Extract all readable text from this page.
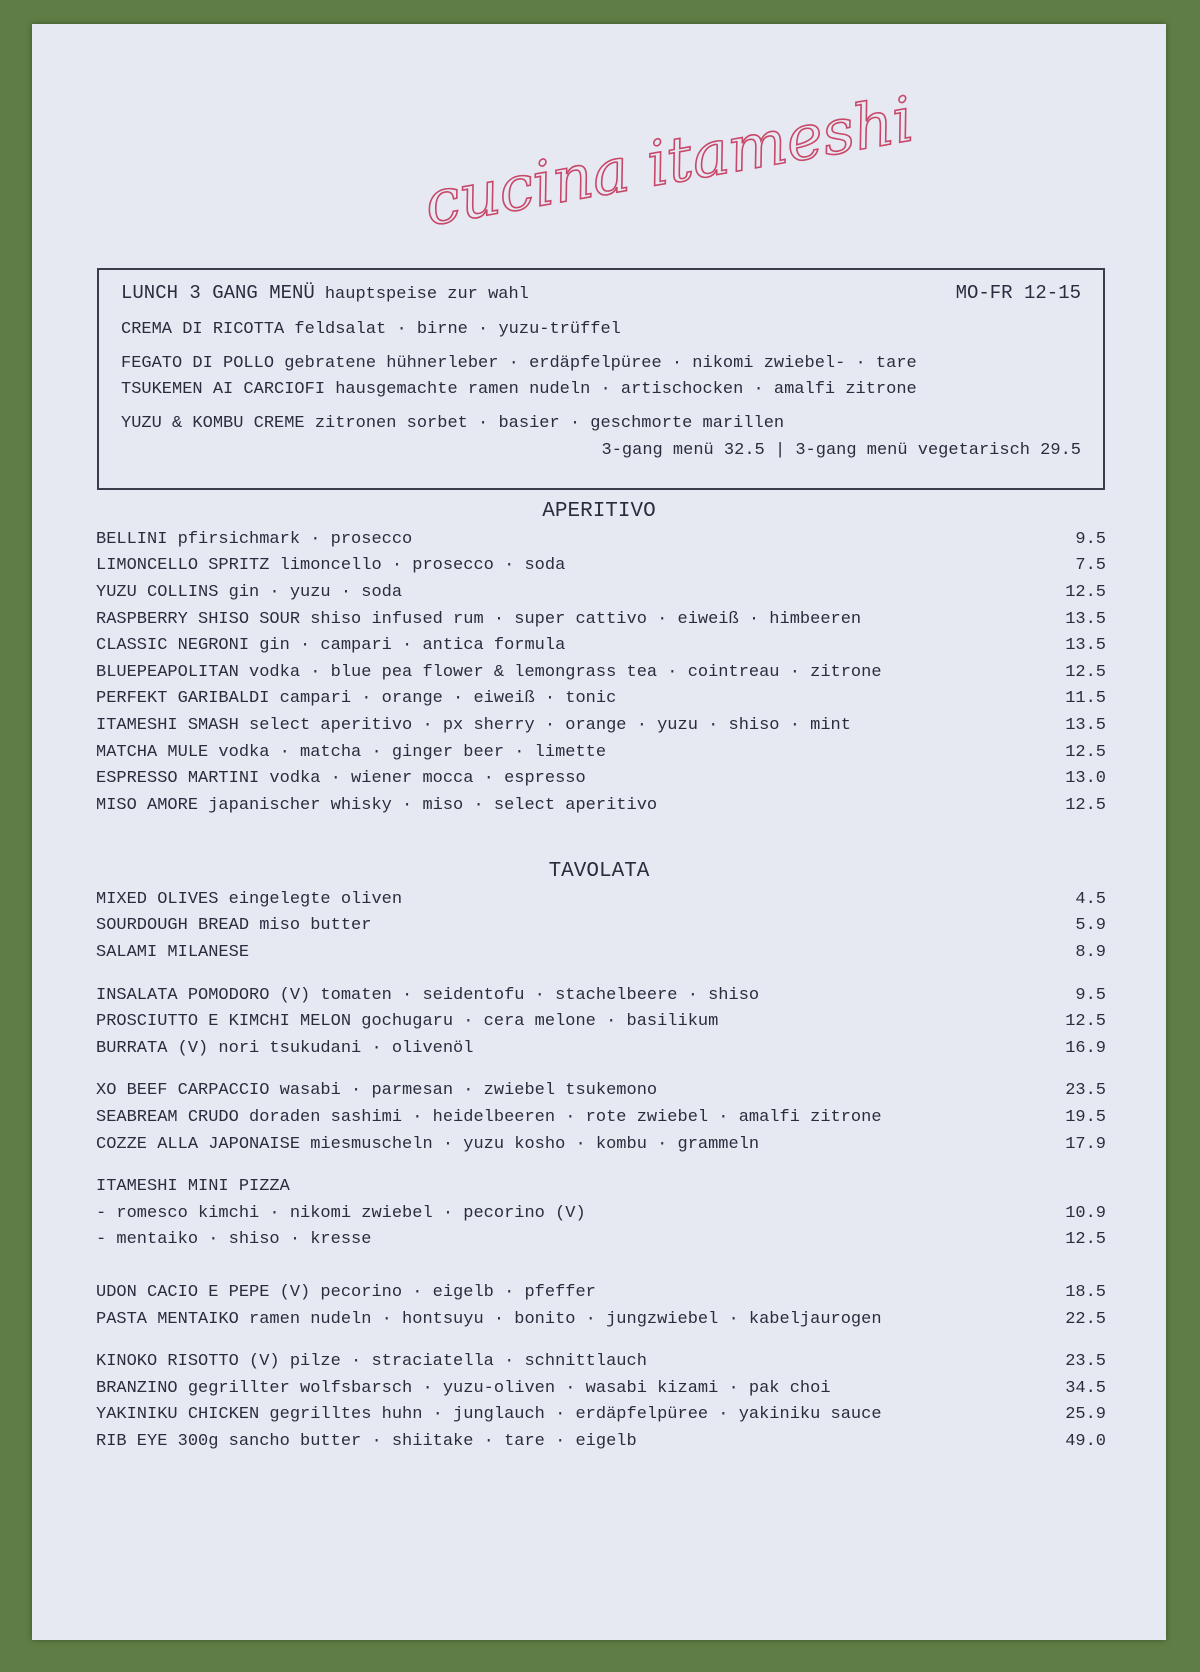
cucina itameshi
LUNCH 3 GANG MENÜ hauptspeise zur wahl	MO-FR 12-15
CREMA DI RICOTTA feldsalat · birne · yuzu-trüffel
FEGATO DI POLLO gebratene hühnerleber · erdäpfelpüree · nikomi zwiebel- · tare
TSUKEMEN AI CARCIOFI hausgemachte ramen nudeln · artischocken · amalfi zitrone
YUZU & KOMBU CREME zitronen sorbet · basier · geschmorte marillen
3-gang menü 32.5 | 3-gang menü vegetarisch 29.5
APERITIVO
BELLINI pfirsichmark · prosecco	9.5
LIMONCELLO SPRITZ limoncello · prosecco · soda	7.5
YUZU COLLINS gin · yuzu · soda	12.5
RASPBERRY SHISO SOUR shiso infused rum · super cattivo · eiweiß · himbeeren	13.5
CLASSIC NEGRONI gin · campari · antica formula	13.5
BLUEPEAPOLITAN vodka · blue pea flower & lemongrass tea · cointreau · zitrone	12.5
PERFEKT GARIBALDI campari · orange · eiweiß · tonic	11.5
ITAMESHI SMASH select aperitivo · px sherry · orange · yuzu · shiso · mint	13.5
MATCHA MULE vodka · matcha · ginger beer · limette	12.5
ESPRESSO MARTINI vodka · wiener mocca · espresso	13.0
MISO AMORE japanischer whisky · miso · select aperitivo	12.5
TAVOLATA
MIXED OLIVES eingelegte oliven	4.5
SOURDOUGH BREAD miso butter	5.9
SALAMI MILANESE	8.9
INSALATA POMODORO (V) tomaten · seidentofu · stachelbeere · shiso	9.5
PROSCIUTTO E KIMCHI MELON gochugaru · cera melone · basilikum	12.5
BURRATA (V) nori tsukudani · olivenöl	16.9
XO BEEF CARPACCIO wasabi · parmesan · zwiebel tsukemono	23.5
SEABREAM CRUDO doraden sashimi · heidelbeeren · rote zwiebel · amalfi zitrone	19.5
COZZE ALLA JAPONAISE miesmuscheln · yuzu kosho · kombu · grammeln	17.9
ITAMESHI MINI PIZZA
- romesco kimchi · nikomi zwiebel · pecorino (V)	10.9
- mentaiko · shiso · kresse	12.5
UDON CACIO E PEPE (V) pecorino · eigelb · pfeffer	18.5
PASTA MENTAIKO ramen nudeln · hontsuyu · bonito · jungzwiebel · kabeljaurogen	22.5
KINOKO RISOTTO (V) pilze · straciatella · schnittlauch	23.5
BRANZINO gegrillter wolfsbarsch · yuzu-oliven · wasabi kizami · pak choi	34.5
YAKINIKU CHICKEN gegrilltes huhn · junglauch · erdäpfelpüree · yakiniku sauce	25.9
RIB EYE 300g sancho butter · shiitake · tare · eigelb	49.0
